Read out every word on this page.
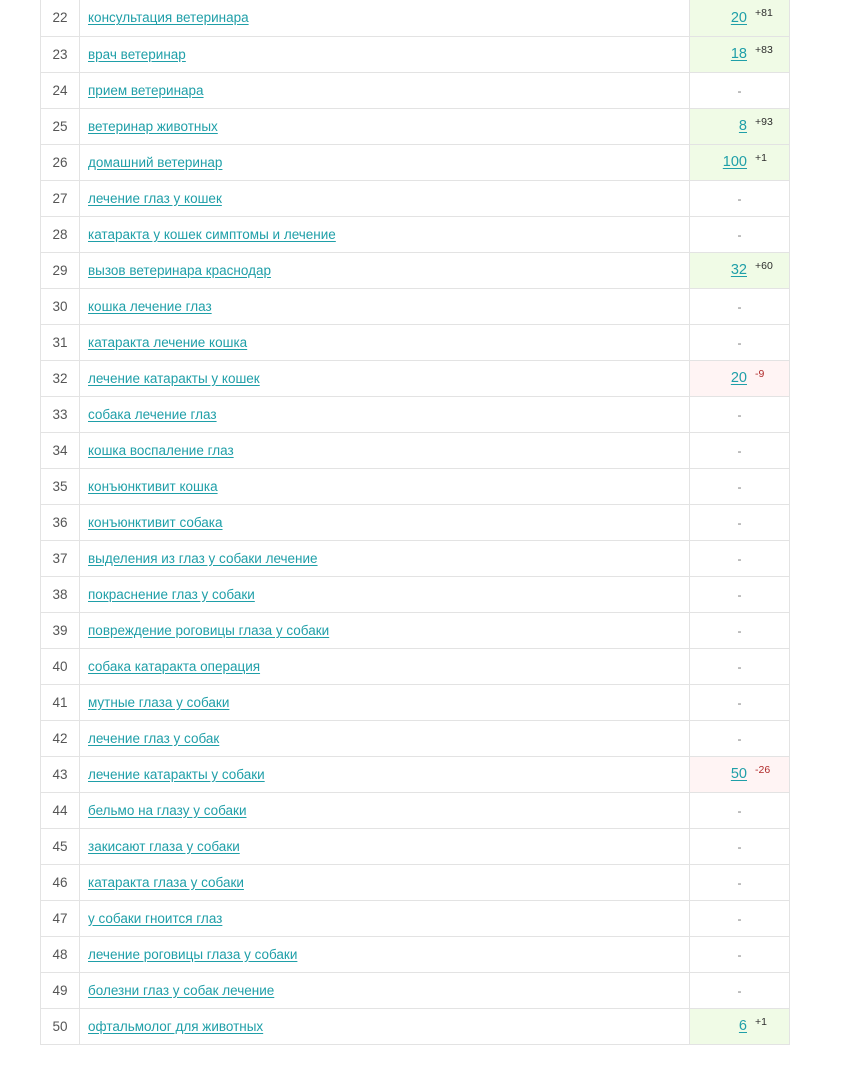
22	консультация ветеринара	20 +81

23	врач ветеринар	18 +83

24	прием ветеринара	-

25	ветеринар животных	8 +93

26	домашний ветеринар	100 +1

27	лечение глаз у кошек	-

28	катаракта у кошек симптомы и лечение	-

29	вызов ветеринара краснодар	32 +60

30	кошка лечение глаз	-

31	катаракта лечение кошка	-

32	лечение катаракты у кошек	20 -9

33	собака лечение глаз	-

34	кошка воспаление глаз	-

35	конъюнктивит кошка	-

36	конъюнктивит собака	-

37	выделения из глаз у собаки лечение	-

38	покраснение глаз у собаки	-

39	повреждение роговицы глаза у собаки	-

40	собака катаракта операция	-

41	мутные глаза у собаки	-

42	лечение глаз у собак	-

43	лечение катаракты у собаки	50 -26

44	бельмо на глазу у собаки	-

45	закисают глаза у собаки	-

46	катаракта глаза у собаки	-

47	у собаки гноится глаз	-

48	лечение роговицы глаза у собаки	-

49	болезни глаз у собак лечение	-

50	офтальмолог для животных	6 +1
